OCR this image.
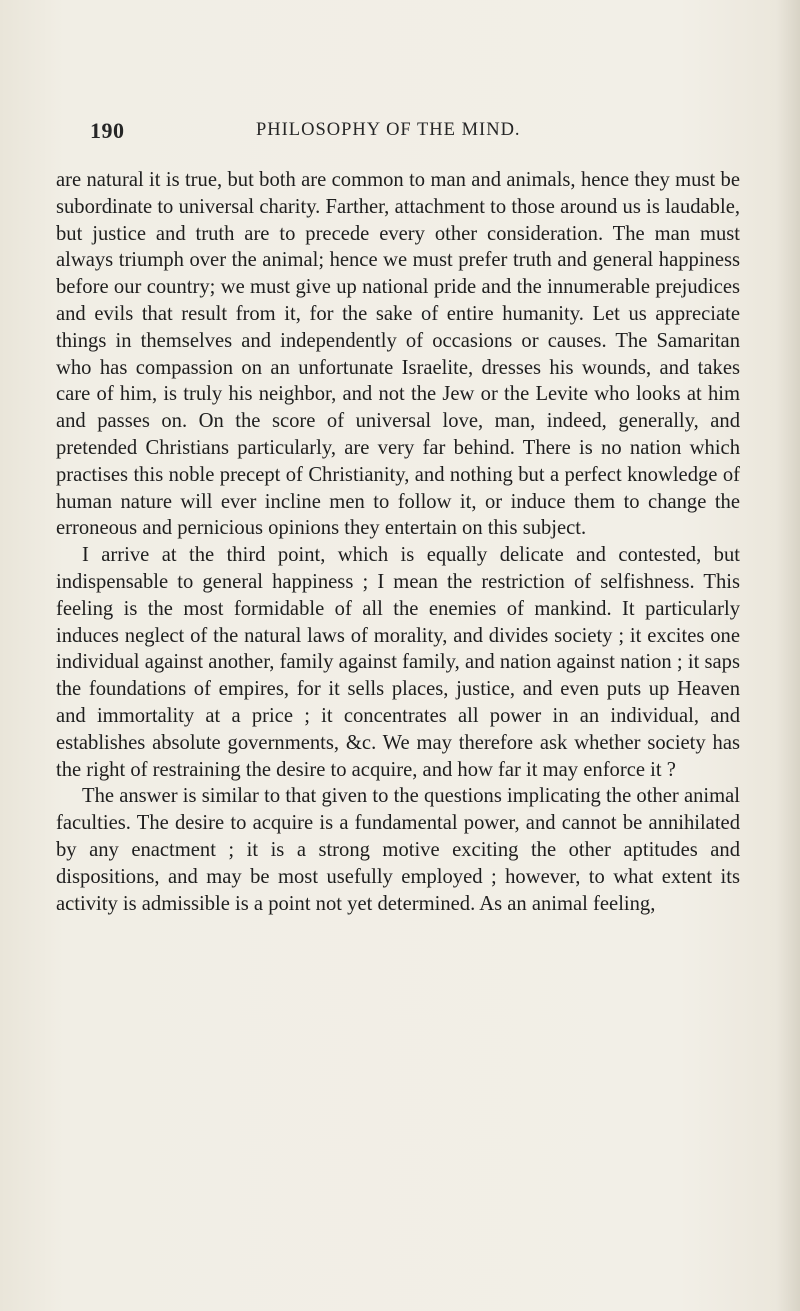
190	PHILOSOPHY OF THE MIND.

are natural it is true, but both are common to man and animals, hence they must be subordinate to universal charity. Farther, attachment to those around us is laudable, but justice and truth are to precede every other consideration. The man must always triumph over the animal; hence we must prefer truth and general happiness before our country; we must give up national pride and the innumerable prejudices and evils that result from it, for the sake of entire humanity. Let us appreciate things in themselves and independently of occasions or causes. The Samaritan who has compassion on an unfortunate Israelite, dresses his wounds, and takes care of him, is truly his neighbor, and not the Jew or the Levite who looks at him and passes on. On the score of universal love, man, indeed, generally, and pretended Christians particularly, are very far behind. There is no nation which practises this noble precept of Christianity, and nothing but a perfect knowledge of human nature will ever incline men to follow it, or induce them to change the erroneous and pernicious opinions they entertain on this subject.

I arrive at the third point, which is equally delicate and contested, but indispensable to general happiness ; I mean the restriction of selfishness. This feeling is the most formidable of all the enemies of mankind. It particularly induces neglect of the natural laws of morality, and divides society ; it excites one individual against another, family against family, and nation against nation ; it saps the foundations of empires, for it sells places, justice, and even puts up Heaven and immortality at a price ; it concentrates all power in an individual, and establishes absolute governments, &c. We may therefore ask whether society has the right of restraining the desire to acquire, and how far it may enforce it ?

The answer is similar to that given to the questions implicating the other animal faculties. The desire to acquire is a fundamental power, and cannot be annihilated by any enactment ; it is a strong motive exciting the other aptitudes and dispositions, and may be most usefully employed ; however, to what extent its activity is admissible is a point not yet determined. As an animal feeling,
